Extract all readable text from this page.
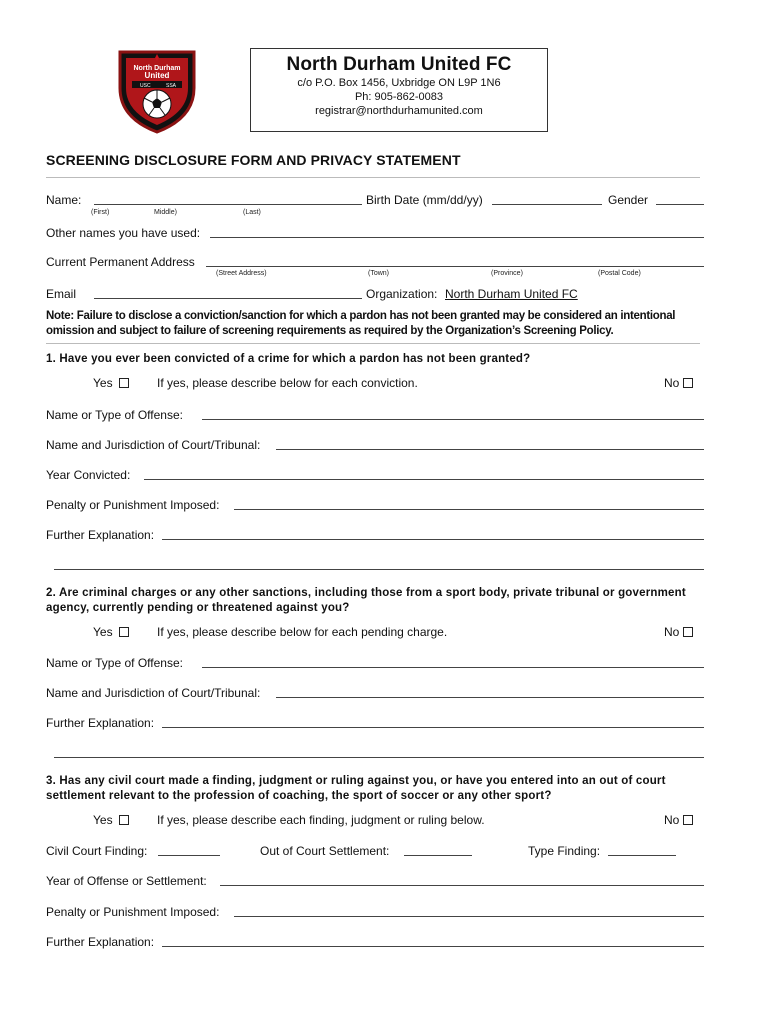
North Durham
United
USC	SSA
North Durham United FC
c/o P.O. Box 1456, Uxbridge ON L9P 1N6
Ph: 905-862-0083
registrar@northdurhamunited.com
SCREENING DISCLOSURE FORM AND PRIVACY STATEMENT
Name:	Birth Date (mm/dd/yy)	Gender
(First)	Middle)	(Last)
Other names you have used:
Current Permanent Address
(Street Address)	(Town)	(Province)	(Postal Code)
Email	Organization: North Durham United FC
Note: Failure to disclose a conviction/sanction for which a pardon has not been granted may be considered an intentional omission and subject to failure of screening requirements as required by the Organization’s Screening Policy.
1. Have you ever been convicted of a crime for which a pardon has not been granted?
Yes	If yes, please describe below for each conviction.	No
Name or Type of Offense:
Name and Jurisdiction of Court/Tribunal:
Year Convicted:
Penalty or Punishment Imposed:
Further Explanation:
2. Are criminal charges or any other sanctions, including those from a sport body, private tribunal or government agency, currently pending or threatened against you?
Yes	If yes, please describe below for each pending charge.	No
Name or Type of Offense:
Name and Jurisdiction of Court/Tribunal:
Further Explanation:
3. Has any civil court made a finding, judgment or ruling against you, or have you entered into an out of court settlement relevant to the profession of coaching, the sport of soccer or any other sport?
Yes	If yes, please describe each finding, judgment or ruling below.	No
Civil Court Finding:	Out of Court Settlement:	Type Finding:
Year of Offense or Settlement:
Penalty or Punishment Imposed:
Further Explanation:
